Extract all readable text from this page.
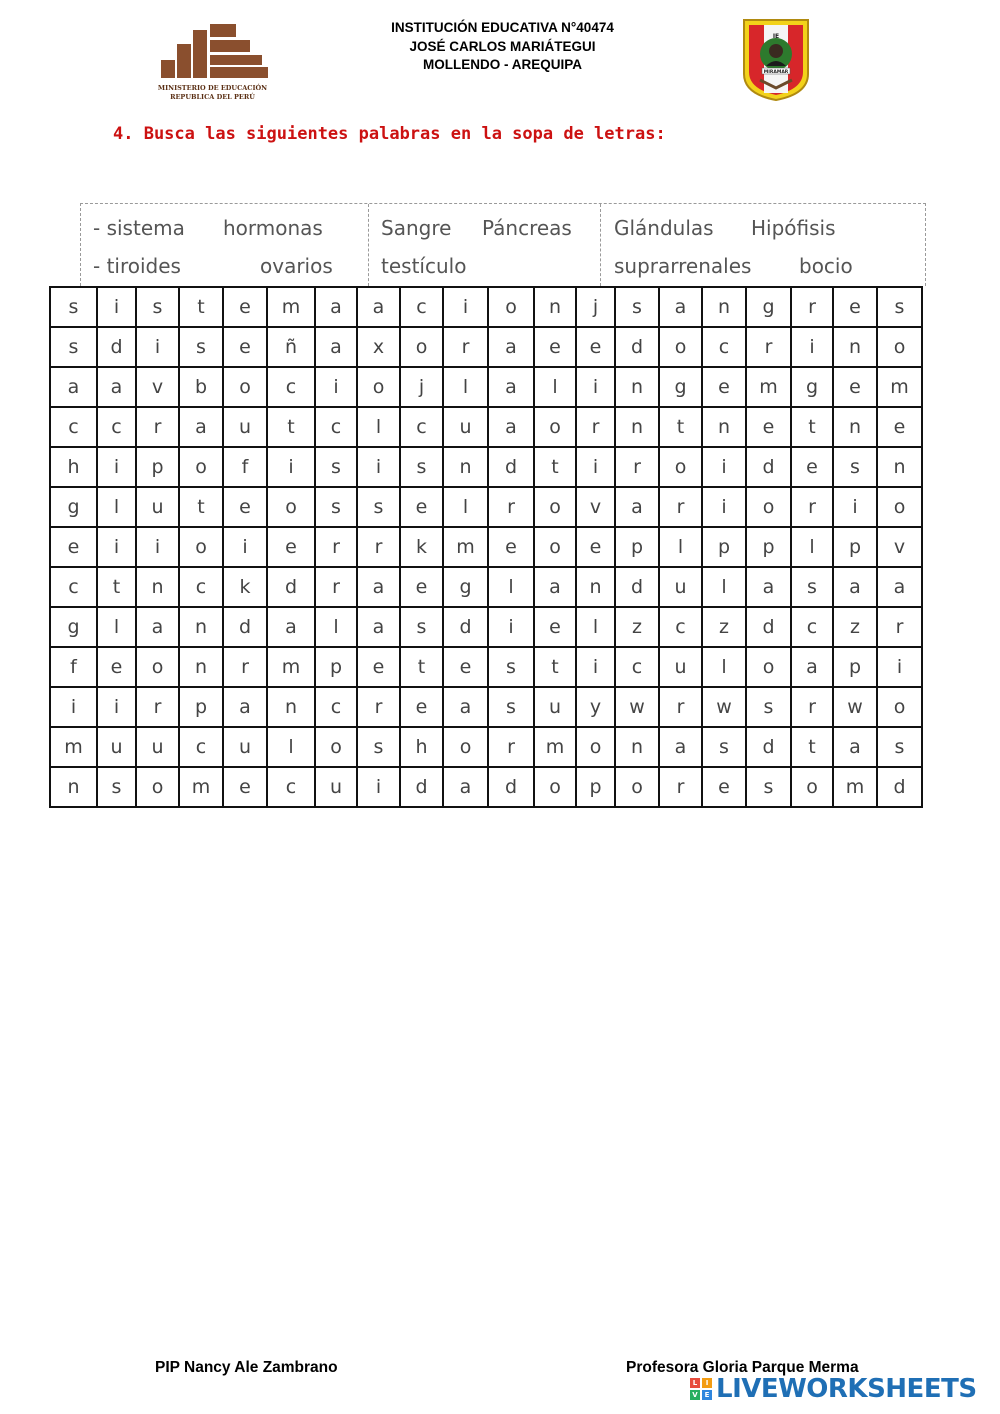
MINISTERIO DE EDUCACIÓN
REPUBLICA DEL PERÚ
INSTITUCIÓN EDUCATIVA N°40474
JOSÉ CARLOS MARIÁTEGUI
MOLLENDO - AREQUIPA
IE
MIRAMAR
4. Busca las siguientes palabras en la sopa de letras:
- sistema hormonas
- tiroides	ovarios
Sangre Páncreas
testículo
Glándulas Hipófisis
suprarrenales bocio
s	i	s	t	e	m	a	a	c	i	o	n	j	s	a	n	g	r	e	s
s	d	i	s	e	ñ	a	x	o	r	a	e	e	d	o	c	r	i	n	o
a	a	v	b	o	c	i	o	j	l	a	l	i	n	g	e	m	g	e	m
c	c	r	a	u	t	c	l	c	u	a	o	r	n	t	n	e	t	n	e
h	i	p	o	f	i	s	i	s	n	d	t	i	r	o	i	d	e	s	n
g	l	u	t	e	o	s	s	e	l	r	o	v	a	r	i	o	r	i	o
e	i	i	o	i	e	r	r	k	m	e	o	e	p	l	p	p	l	p	v
c	t	n	c	k	d	r	a	e	g	l	a	n	d	u	l	a	s	a	a
g	l	a	n	d	a	l	a	s	d	i	e	l	z	c	z	d	c	z	r
f	e	o	n	r	m	p	e	t	e	s	t	i	c	u	l	o	a	p	i
i	i	r	p	a	n	c	r	e	a	s	u	y	w	r	w	s	r	w	o
m	u	u	c	u	l	o	s	h	o	r	m	o	n	a	s	d	t	a	s
n	s	o	m	e	c	u	i	d	a	d	o	p	o	r	e	s	o	m	d
PIP Nancy Ale Zambrano	Profesora Gloria Parque Merma
L	I
V E LIVEWORKSHEETS
